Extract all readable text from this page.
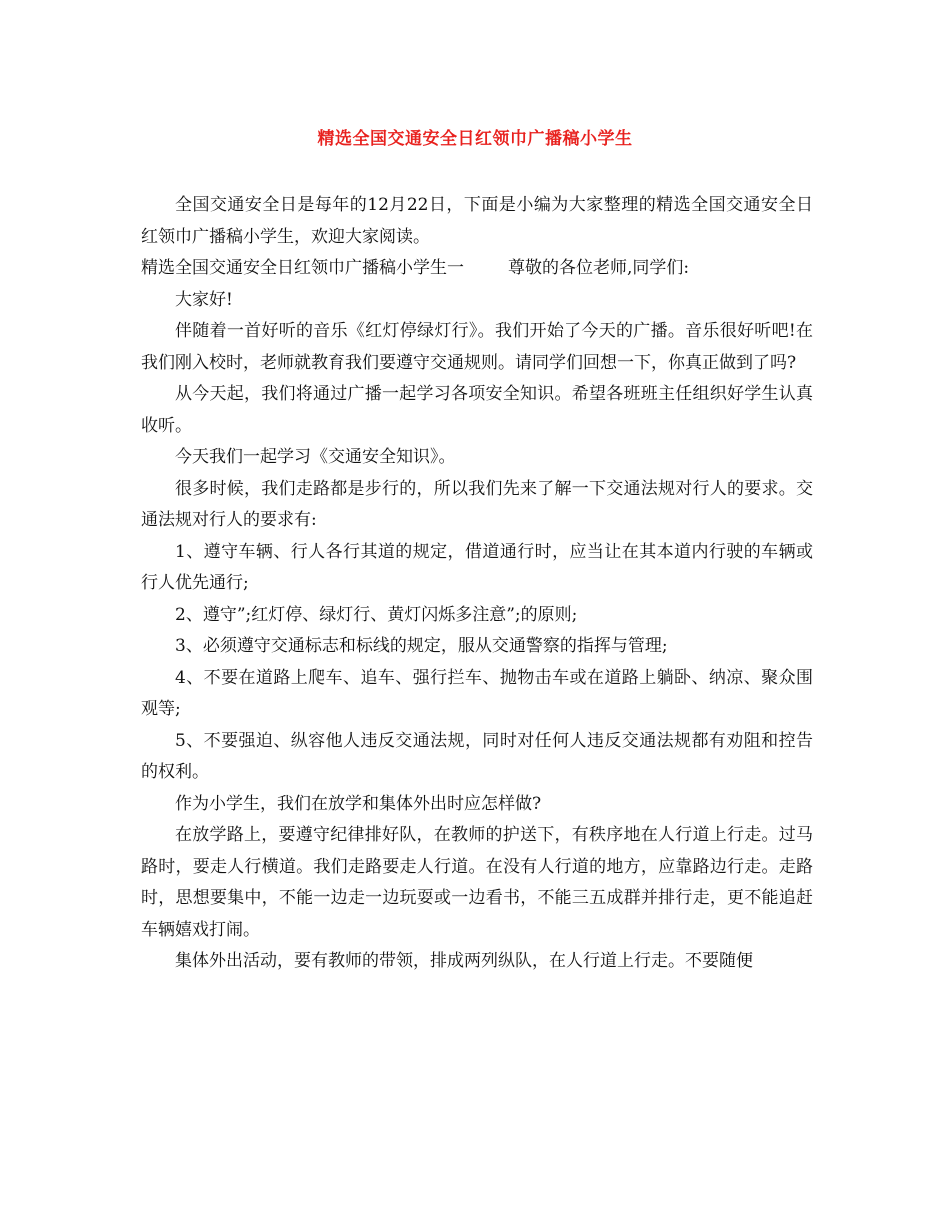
精选全国交通安全日红领巾广播稿小学生

全国交通安全日是每年的12月22日，下面是小编为大家整理的精选全国交通安全日红领巾广播稿小学生，欢迎大家阅读。

精选全国交通安全日红领巾广播稿小学生一	尊敬的各位老师,同学们:

大家好!

伴随着一首好听的音乐《红灯停绿灯行》。我们开始了今天的广播。音乐很好听吧!在我们刚入校时，老师就教育我们要遵守交通规则。请同学们回想一下，你真正做到了吗?

从今天起，我们将通过广播一起学习各项安全知识。希望各班班主任组织好学生认真收听。

今天我们一起学习《交通安全知识》。

很多时候，我们走路都是步行的，所以我们先来了解一下交通法规对行人的要求。交通法规对行人的要求有:

1、遵守车辆、行人各行其道的规定，借道通行时，应当让在其本道内行驶的车辆或行人优先通行;

2、遵守”;红灯停、绿灯行、黄灯闪烁多注意”;的原则;

3、必须遵守交通标志和标线的规定，服从交通警察的指挥与管理;

4、不要在道路上爬车、追车、强行拦车、抛物击车或在道路上躺卧、纳凉、聚众围观等;

5、不要强迫、纵容他人违反交通法规，同时对任何人违反交通法规都有劝阻和控告的权利。

作为小学生，我们在放学和集体外出时应怎样做?

在放学路上，要遵守纪律排好队，在教师的护送下，有秩序地在人行道上行走。过马路时，要走人行横道。我们走路要走人行道。在没有人行道的地方，应靠路边行走。走路时，思想要集中，不能一边走一边玩耍或一边看书，不能三五成群并排行走，更不能追赶车辆嬉戏打闹。

集体外出活动，要有教师的带领，排成两列纵队，在人行道上行走。不要随便
